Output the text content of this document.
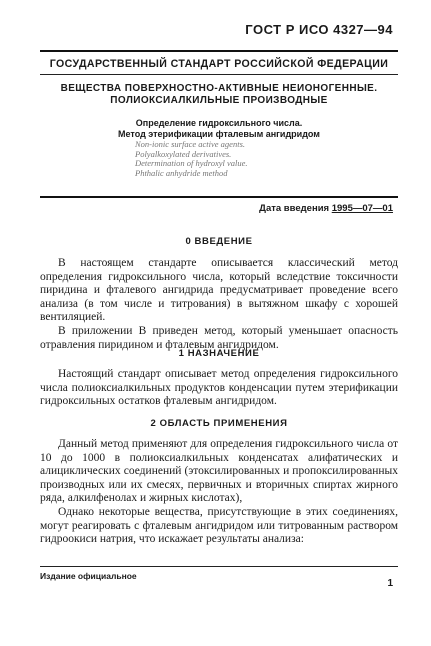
ГОСТ Р ИСО 4327—94
ГОСУДАРСТВЕННЫЙ СТАНДАРТ РОССИЙСКОЙ ФЕДЕРАЦИИ
ВЕЩЕСТВА ПОВЕРХНОСТНО-АКТИВНЫЕ НЕИОНОГЕННЫЕ.
ПОЛИОКСИАЛКИЛЬНЫЕ ПРОИЗВОДНЫЕ
Определение гидроксильного числа.
Метод этерификации фталевым ангидридом
Non-ionic surface active agents.
Polyalkoxylated derivatives.
Determination of hydroxyl value.
Phthalic anhydride method
Дата введения 1995—07—01
0 ВВЕДЕНИЕ

В настоящем стандарте описывается классический метод определения гидроксильного числа, который вследствие токсичности пиридина и фталевого ангидрида предусматривает проведение всего анализа (в том числе и титрования) в вытяжном шкафу с хорошей вентиляцией.

В приложении В приведен метод, который уменьшает опасность отравления пиридином и фталевым ангидридом.

1 НАЗНАЧЕНИЕ

Настоящий стандарт описывает метод определения гидроксильного числа полиоксиалкильных продуктов конденсации путем этерификации гидроксильных остатков фталевым ангидридом.

2 ОБЛАСТЬ ПРИМЕНЕНИЯ

Данный метод применяют для определения гидроксильного числа от 10 до 1000 в полиоксиалкильных конденсатах алифатических и алициклических соединений (этоксилированных и пропоксилированных производных или их смесях, первичных и вторичных спиртах жирного ряда, алкилфенолах и жирных кислотах),

Однако некоторые вещества, присутствующие в этих соединениях, могут реагировать с фталевым ангидридом или титрованным раствором гидроокиси натрия, что искажает результаты анализа:

Издание официальное
1
